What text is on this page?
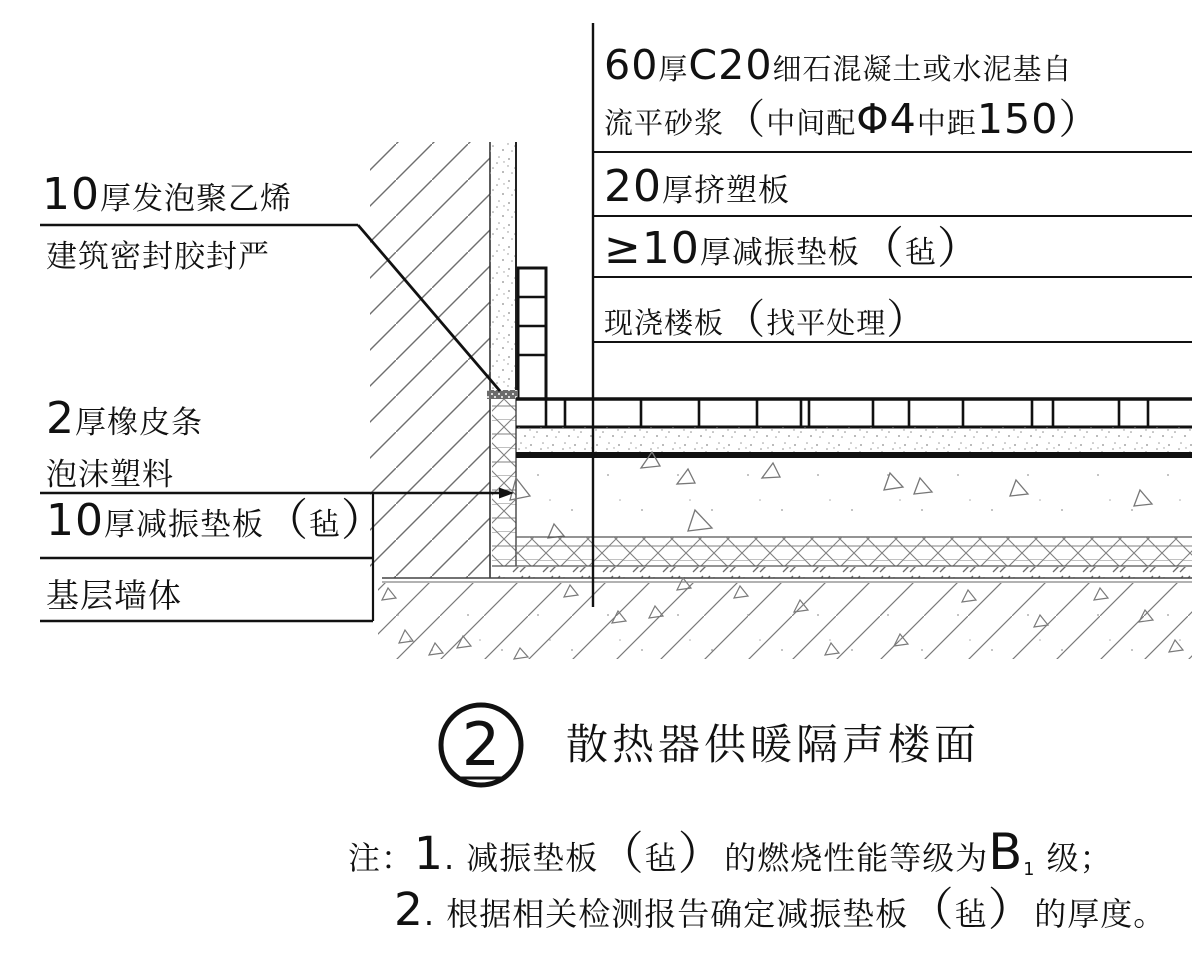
60厚C20细石混凝土或水泥基自
流平砂浆（中间配Φ4中距150）
20厚挤塑板
≥10厚减振垫板（毡）
现浇楼板（找平处理）
10厚发泡聚乙烯
建筑密封胶封严
2厚橡皮条
泡沫塑料
10厚减振垫板（毡）
基层墙体
2	散热器供暖隔声楼面
注：1. 减振垫板（毡）的燃烧性能等级为B1 级；
2. 根据相关检测报告确定减振垫板（毡）的厚度。
